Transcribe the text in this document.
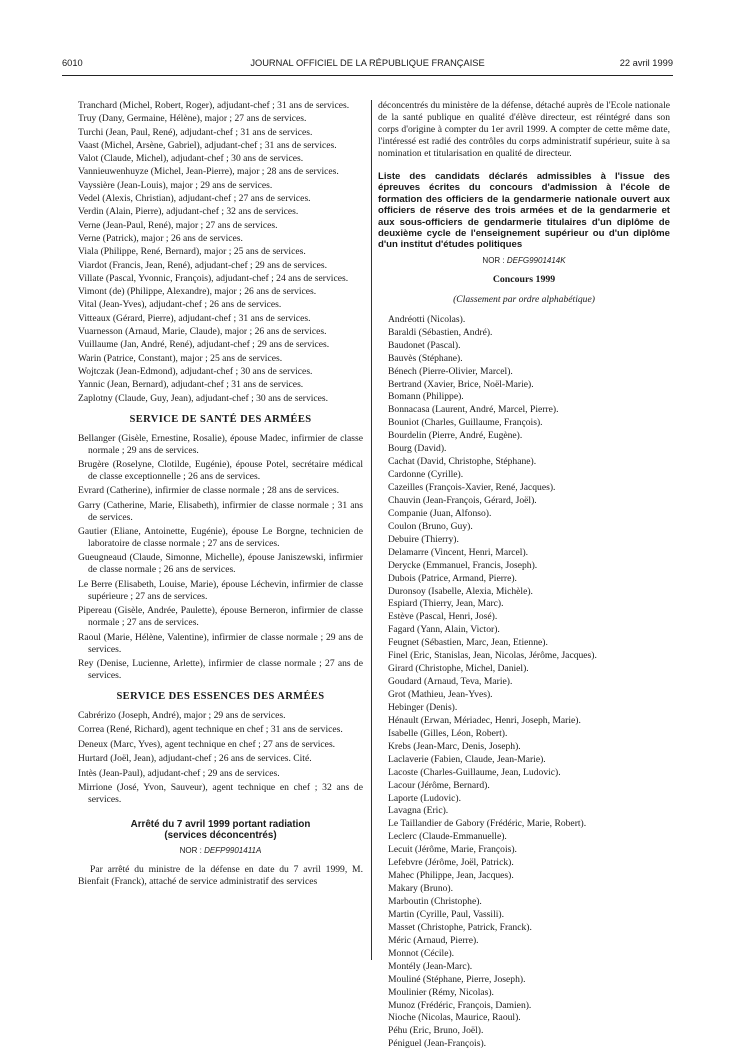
6010	JOURNAL OFFICIEL DE LA RÉPUBLIQUE FRANÇAISE	22 avril 1999
Tranchard (Michel, Robert, Roger), adjudant-chef ; 31 ans de services.
Truy (Dany, Germaine, Hélène), major ; 27 ans de services.
Turchi (Jean, Paul, René), adjudant-chef ; 31 ans de services.
Vaast (Michel, Arsène, Gabriel), adjudant-chef ; 31 ans de services.
Valot (Claude, Michel), adjudant-chef ; 30 ans de services.
Vannieuwenhuyze (Michel, Jean-Pierre), major ; 28 ans de services.
Vayssière (Jean-Louis), major ; 29 ans de services.
Vedel (Alexis, Christian), adjudant-chef ; 27 ans de services.
Verdin (Alain, Pierre), adjudant-chef ; 32 ans de services.
Verne (Jean-Paul, René), major ; 27 ans de services.
Verne (Patrick), major ; 26 ans de services.
Viala (Philippe, René, Bernard), major ; 25 ans de services.
Viardot (Francis, Jean, René), adjudant-chef ; 29 ans de services.
Villate (Pascal, Yvonnic, François), adjudant-chef ; 24 ans de services.
Vimont (de) (Philippe, Alexandre), major ; 26 ans de services.
Vital (Jean-Yves), adjudant-chef ; 26 ans de services.
Vitteaux (Gérard, Pierre), adjudant-chef ; 31 ans de services.
Vuarnesson (Arnaud, Marie, Claude), major ; 26 ans de services.
Vuillaume (Jan, André, René), adjudant-chef ; 29 ans de services.
Warin (Patrice, Constant), major ; 25 ans de services.
Wojtczak (Jean-Edmond), adjudant-chef ; 30 ans de services.
Yannic (Jean, Bernard), adjudant-chef ; 31 ans de services.
Zaplotny (Claude, Guy, Jean), adjudant-chef ; 30 ans de services.
SERVICE DE SANTÉ DES ARMÉES
Bellanger (Gisèle, Ernestine, Rosalie), épouse Madec, infirmier de classe normale ; 29 ans de services.
Brugère (Roselyne, Clotilde, Eugénie), épouse Potel, secrétaire médical de classe exceptionnelle ; 26 ans de services.
Evrard (Catherine), infirmier de classe normale ; 28 ans de services.
Garry (Catherine, Marie, Elisabeth), infirmier de classe normale ; 31 ans de services.
Gautier (Eliane, Antoinette, Eugénie), épouse Le Borgne, technicien de laboratoire de classe normale ; 27 ans de services.
Gueugneaud (Claude, Simonne, Michelle), épouse Janiszewski, infirmier de classe normale ; 26 ans de services.
Le Berre (Elisabeth, Louise, Marie), épouse Léchevin, infirmier de classe supérieure ; 27 ans de services.
Pipereau (Gisèle, Andrée, Paulette), épouse Berneron, infirmier de classe normale ; 27 ans de services.
Raoul (Marie, Hélène, Valentine), infirmier de classe normale ; 29 ans de services.
Rey (Denise, Lucienne, Arlette), infirmier de classe normale ; 27 ans de services.
SERVICE DES ESSENCES DES ARMÉES
Cabrérizo (Joseph, André), major ; 29 ans de services.
Correa (René, Richard), agent technique en chef ; 31 ans de services.
Deneux (Marc, Yves), agent technique en chef ; 27 ans de services.
Hurtard (Joël, Jean), adjudant-chef ; 26 ans de services. Cité.
Intès (Jean-Paul), adjudant-chef ; 29 ans de services.
Mirrione (José, Yvon, Sauveur), agent technique en chef ; 32 ans de services.
Arrêté du 7 avril 1999 portant radiation
(services déconcentrés)
NOR : DEFP9901411A

Par arrêté du ministre de la défense en date du 7 avril 1999, M. Bienfait (Franck), attaché de service administratif des services

déconcentrés du ministère de la défense, détaché auprès de l'Ecole nationale de la santé publique en qualité d'élève directeur, est réintégré dans son corps d'origine à compter du 1er avril 1999. A compter de cette même date, l'intéressé est radié des contrôles du corps administratif supérieur, suite à sa nomination et titularisation en qualité de directeur.

Liste des candidats déclarés admissibles à l'issue des épreuves écrites du concours d'admission à l'école de formation des officiers de la gendarmerie nationale ouvert aux officiers de réserve des trois armées et de la gendarmerie et aux sous-officiers de gendarmerie titulaires d'un diplôme de deuxième cycle de l'enseignement supérieur ou d'un diplôme d'un institut d'études politiques
NOR : DEFG9901414K
Concours 1999
(Classement par ordre alphabétique)
Andréotti (Nicolas).
Baraldi (Sébastien, André).
Baudonet (Pascal).
Bauvès (Stéphane).
Bénech (Pierre-Olivier, Marcel).
Bertrand (Xavier, Brice, Noël-Marie).
Bomann (Philippe).
Bonnacasa (Laurent, André, Marcel, Pierre).
Bouniot (Charles, Guillaume, François).
Bourdelin (Pierre, André, Eugène).
Bourg (David).
Cachat (David, Christophe, Stéphane).
Cardonne (Cyrille).
Cazeilles (François-Xavier, René, Jacques).
Chauvin (Jean-François, Gérard, Joël).
Companie (Juan, Alfonso).
Coulon (Bruno, Guy).
Debuire (Thierry).
Delamarre (Vincent, Henri, Marcel).
Derycke (Emmanuel, Francis, Joseph).
Dubois (Patrice, Armand, Pierre).
Duronsoy (Isabelle, Alexia, Michèle).
Espiard (Thierry, Jean, Marc).
Estève (Pascal, Henri, José).
Fagard (Yann, Alain, Victor).
Feugnet (Sébastien, Marc, Jean, Etienne).
Finel (Eric, Stanislas, Jean, Nicolas, Jérôme, Jacques).
Girard (Christophe, Michel, Daniel).
Goudard (Arnaud, Teva, Marie).
Grot (Mathieu, Jean-Yves).
Hebinger (Denis).
Hénault (Erwan, Mériadec, Henri, Joseph, Marie).
Isabelle (Gilles, Léon, Robert).
Krebs (Jean-Marc, Denis, Joseph).
Laclaverie (Fabien, Claude, Jean-Marie).
Lacoste (Charles-Guillaume, Jean, Ludovic).
Lacour (Jérôme, Bernard).
Laporte (Ludovic).
Lavagna (Eric).
Le Taillandier de Gabory (Frédéric, Marie, Robert).
Leclerc (Claude-Emmanuelle).
Lecuit (Jérôme, Marie, François).
Lefebvre (Jérôme, Joël, Patrick).
Mahec (Philippe, Jean, Jacques).
Makary (Bruno).
Marboutin (Christophe).
Martin (Cyrille, Paul, Vassili).
Masset (Christophe, Patrick, Franck).
Méric (Arnaud, Pierre).
Monnot (Cécile).
Montély (Jean-Marc).
Mouliné (Stéphane, Pierre, Joseph).
Moulinier (Rémy, Nicolas).
Munoz (Frédéric, François, Damien).
Nioche (Nicolas, Maurice, Raoul).
Péhu (Eric, Bruno, Joël).
Péniguel (Jean-François).
